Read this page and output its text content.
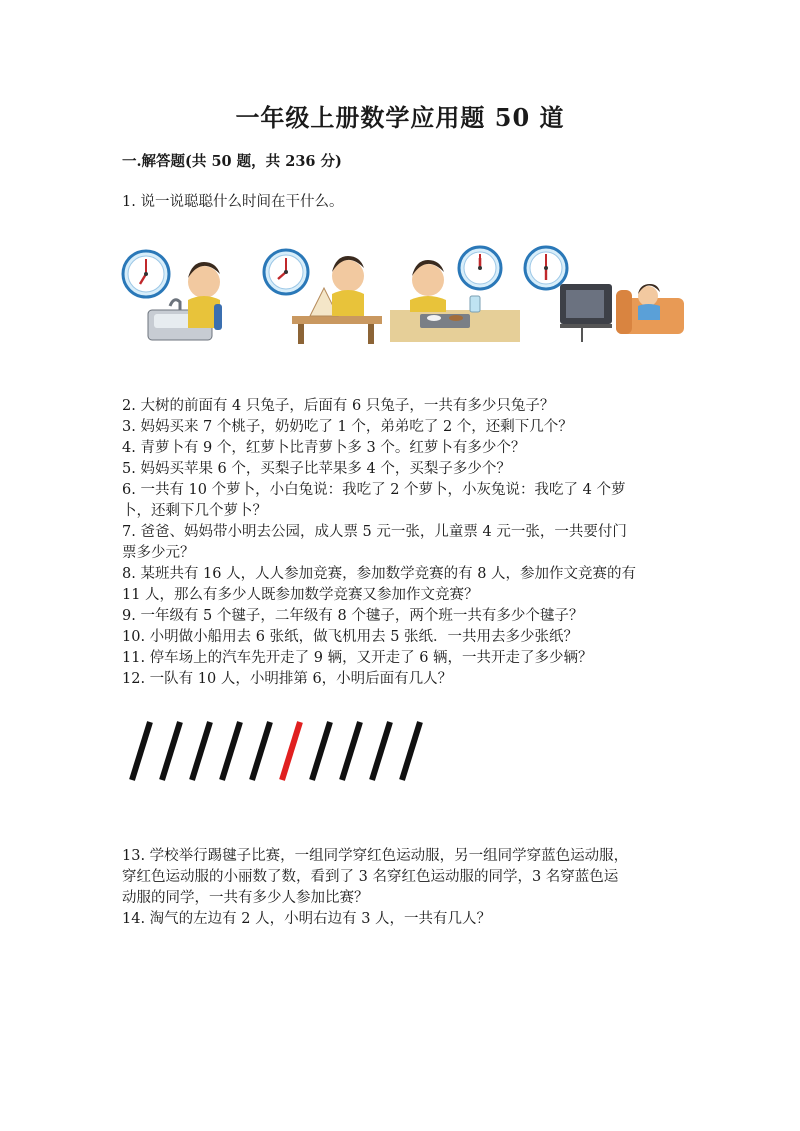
一年级上册数学应用题 50 道
一.解答题(共 50 题，共 236 分)
1. 说一说聪聪什么时间在干什么。
2. 大树的前面有 4 只兔子，后面有 6 只兔子，一共有多少只兔子？
3. 妈妈买来 7 个桃子，奶奶吃了 1 个，弟弟吃了 2 个，还剩下几个？
4. 青萝卜有 9 个，红萝卜比青萝卜多 3 个。红萝卜有多少个？
5. 妈妈买苹果 6 个，买梨子比苹果多 4 个，买梨子多少个？
6. 一共有 10 个萝卜，小白兔说：我吃了 2 个萝卜，小灰兔说：我吃了 4 个萝
卜，还剩下几个萝卜？
7. 爸爸、妈妈带小明去公园，成人票 5 元一张，儿童票 4 元一张，一共要付门
票多少元？
8. 某班共有 16 人，人人参加竞赛，参加数学竞赛的有 8 人，参加作文竞赛的有
11 人，那么有多少人既参加数学竞赛又参加作文竞赛？
9. 一年级有 5 个毽子，二年级有 8 个毽子，两个班一共有多少个毽子？
10. 小明做小船用去 6 张纸，做飞机用去 5 张纸．一共用去多少张纸？
11. 停车场上的汽车先开走了 9 辆，又开走了 6 辆，一共开走了多少辆？
12. 一队有 10 人，小明排第 6，小明后面有几人？
13. 学校举行踢毽子比赛，一组同学穿红色运动服，另一组同学穿蓝色运动服，
穿红色运动服的小丽数了数，看到了 3 名穿红色运动服的同学，3 名穿蓝色运
动服的同学，一共有多少人参加比赛？
14. 淘气的左边有 2 人，小明右边有 3 人，一共有几人？
